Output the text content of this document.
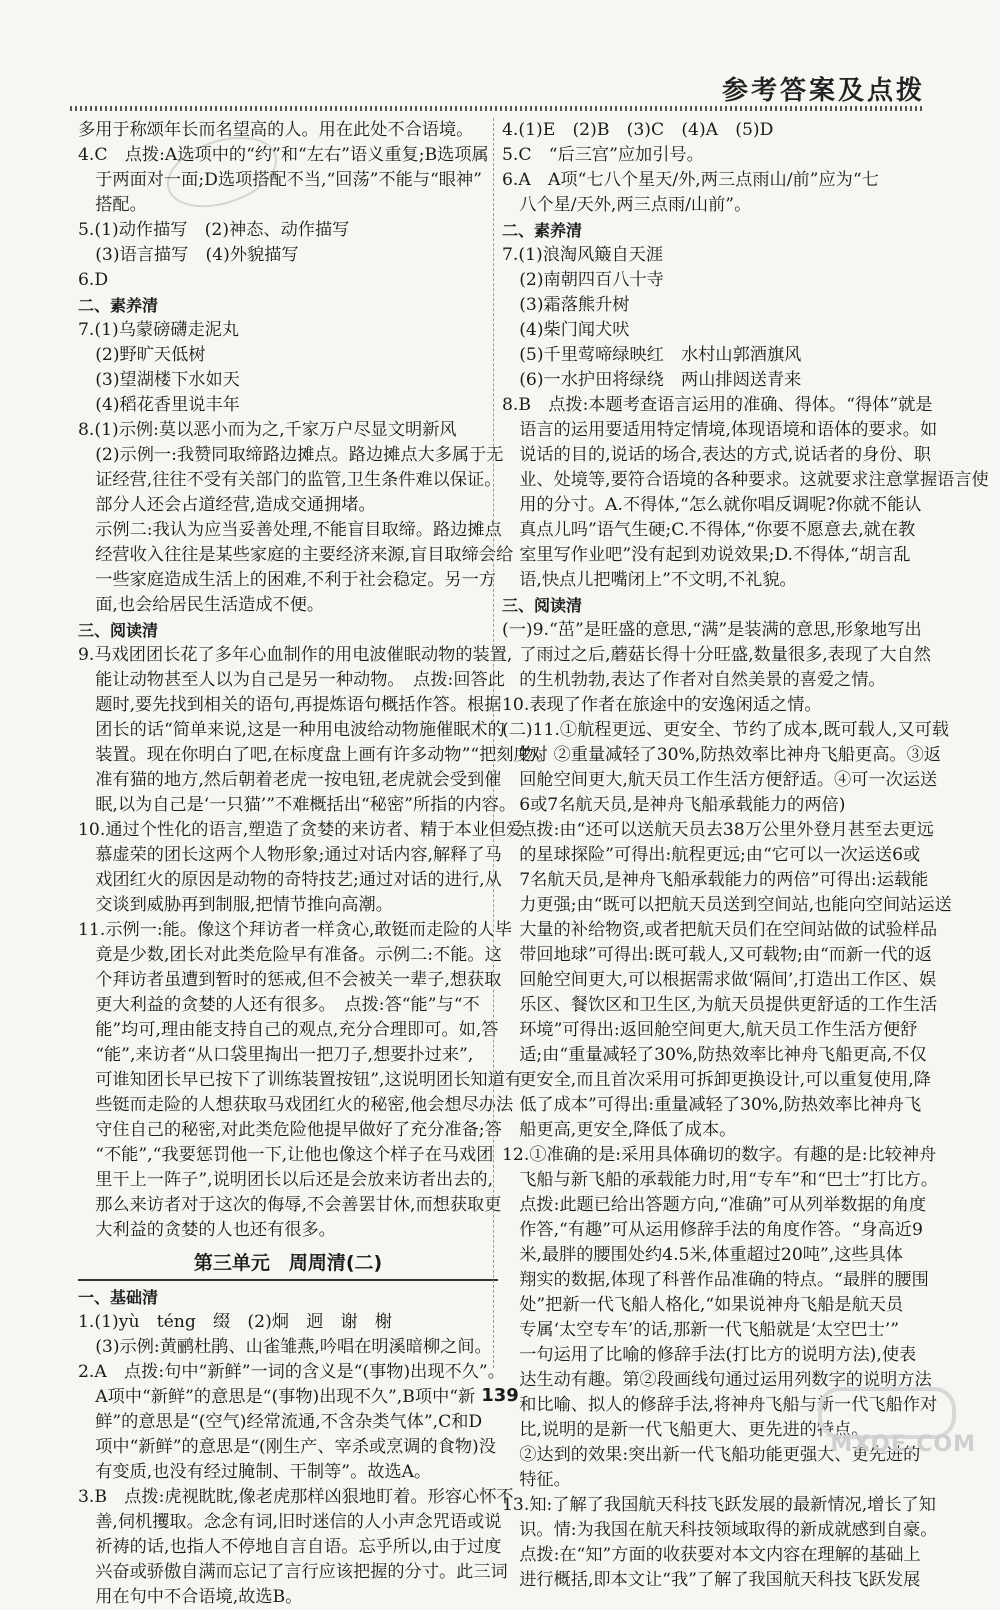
参考答案及点拨
多用于称颂年长而名望高的人。用在此处不合语境。
4.C　点拨:A选项中的“约”和“左右”语义重复;B选项属
　于两面对一面;D选项搭配不当,“回荡”不能与“眼神”
　搭配。
5.(1)动作描写　(2)神态、动作描写
　(3)语言描写　(4)外貌描写
6.D
二、素养清
7.(1)乌蒙磅礴走泥丸
　(2)野旷天低树
　(3)望湖楼下水如天
　(4)稻花香里说丰年
8.(1)示例:莫以恶小而为之,千家万户尽显文明新风
　(2)示例一:我赞同取缔路边摊点。路边摊点大多属于无
　证经营,往往不受有关部门的监管,卫生条件难以保证。
　部分人还会占道经营,造成交通拥堵。
　示例二:我认为应当妥善处理,不能盲目取缔。路边摊点
　经营收入往往是某些家庭的主要经济来源,盲目取缔会给
　一些家庭造成生活上的困难,不利于社会稳定。另一方
　面,也会给居民生活造成不便。
三、阅读清
9.马戏团团长花了多年心血制作的用电波催眠动物的装置,
　能让动物甚至人以为自己是另一种动物。　点拨:回答此
　题时,要先找到相关的语句,再提炼语句概括作答。根据
　团长的话“简单来说,这是一种用电波给动物施催眠术的
　装置。现在你明白了吧,在标度盘上画有许多动物”“把刻度对
　准有猫的地方,然后朝着老虎一按电钮,老虎就会受到催
　眠,以为自己是‘一只猫’”不难概括出“秘密”所指的内容。
10.通过个性化的语言,塑造了贪婪的来访者、精于本业但爱
　慕虚荣的团长这两个人物形象;通过对话内容,解释了马
　戏团红火的原因是动物的奇特技艺;通过对话的进行,从
　交谈到威胁再到制服,把情节推向高潮。
11.示例一:能。像这个拜访者一样贪心,敢铤而走险的人毕
　竟是少数,团长对此类危险早有准备。示例二:不能。这
　个拜访者虽遭到暂时的惩戒,但不会被关一辈子,想获取
　更大利益的贪婪的人还有很多。　点拨:答“能”与“不
　能”均可,理由能支持自己的观点,充分合理即可。如,答
　“能”,来访者“从口袋里掏出一把刀子,想要扑过来”,
　可谁知团长早已按下了训练装置按钮”,这说明团长知道有
　些铤而走险的人想获取马戏团红火的秘密,他会想尽办法
　守住自己的秘密,对此类危险他提早做好了充分准备;答
　“不能”,“我要惩罚他一下,让他也像这个样子在马戏团
　里干上一阵子”,说明团长以后还是会放来访者出去的,
　那么来访者对于这次的侮辱,不会善罢甘休,而想获取更
　大利益的贪婪的人也还有很多。
第三单元　周周清(二)
一、基础清
1.(1)yù　téng　缀　(2)炯　迥　谢　榭
　(3)示例:黄鹂杜鹃、山雀雏燕,吟唱在明溪暗柳之间。
2.A　点拨:句中“新鲜”一词的含义是“(事物)出现不久”。
　A项中“新鲜”的意思是“(事物)出现不久”,B项中“新
　鲜”的意思是“(空气)经常流通,不含杂类气体”,C和D
　项中“新鲜”的意思是“(刚生产、宰杀或烹调的食物)没
　有变质,也没有经过腌制、干制等”。故选A。
3.B　点拨:虎视眈眈,像老虎那样凶狠地盯着。形容心怀不
　善,伺机攫取。念念有词,旧时迷信的人小声念咒语或说
　祈祷的话,也指人不停地自言自语。忘乎所以,由于过度
　兴奋或骄傲自满而忘记了言行应该把握的分寸。此三词
　用在句中不合语境,故选B。
4.(1)E　(2)B　(3)C　(4)A　(5)D
5.C　“后三宫”应加引号。
6.A　A项“七八个星天/外,两三点雨山/前”应为“七
　八个星/天外,两三点雨/山前”。
二、素养清
7.(1)浪淘风簸自天涯
　(2)南朝四百八十寺
　(3)霜落熊升树
　(4)柴门闻犬吠
　(5)千里莺啼绿映红　水村山郭酒旗风
　(6)一水护田将绿绕　两山排闼送青来
8.B　点拨:本题考查语言运用的准确、得体。“得体”就是
　语言的运用要适用特定情境,体现语境和语体的要求。如
　说话的目的,说话的场合,表达的方式,说话者的身份、职
　业、处境等,要符合语境的各种要求。这就要求注意掌握语言使
　用的分寸。A.不得体,“怎么就你唱反调呢?你就不能认
　真点儿吗”语气生硬;C.不得体,“你要不愿意去,就在教
　室里写作业吧”没有起到劝说效果;D.不得体,“胡言乱
　语,快点儿把嘴闭上”不文明,不礼貌。
三、阅读清
(一)9.“茁”是旺盛的意思,“满”是装满的意思,形象地写出
　了雨过之后,蘑菇长得十分旺盛,数量很多,表现了大自然
　的生机勃勃,表达了作者对自然美景的喜爱之情。
10.表现了作者在旅途中的安逸闲适之情。
(二)11.①航程更远、更安全、节约了成本,既可载人,又可载
　物。②重量减轻了30%,防热效率比神舟飞船更高。③返
　回舱空间更大,航天员工作生活方便舒适。④可一次运送
　6或7名航天员,是神舟飞船承载能力的两倍)
　点拨:由“还可以送航天员去38万公里外登月甚至去更远
　的星球探险”可得出:航程更远;由“它可以一次运送6或
　7名航天员,是神舟飞船承载能力的两倍”可得出:运载能
　力更强;由“既可以把航天员送到空间站,也能向空间站运送
　大量的补给物资,或者把航天员们在空间站做的试验样品
　带回地球”可得出:既可载人,又可载物;由“而新一代的返
　回舱空间更大,可以根据需求做‘隔间’,打造出工作区、娱
　乐区、餐饮区和卫生区,为航天员提供更舒适的工作生活
　环境”可得出:返回舱空间更大,航天员工作生活方便舒
　适;由“重量减轻了30%,防热效率比神舟飞船更高,不仅
　更安全,而且首次采用可拆卸更换设计,可以重复使用,降
　低了成本”可得出:重量减轻了30%,防热效率比神舟飞
　船更高,更安全,降低了成本。
12.①准确的是:采用具体确切的数字。有趣的是:比较神舟
　飞船与新飞船的承载能力时,用“专车”和“巴士”打比方。
　点拨:此题已给出答题方向,“准确”可从列举数据的角度
　作答,“有趣”可从运用修辞手法的角度作答。“身高近9
　米,最胖的腰围处约4.5米,体重超过20吨”,这些具体
　翔实的数据,体现了科普作品准确的特点。“最胖的腰围
　处”把新一代飞船人格化,“如果说神舟飞船是航天员
　专属‘太空专车’的话,那新一代飞船就是‘太空巴士’”
　一句运用了比喻的修辞手法(打比方的说明方法),使表
　达生动有趣。第②段画线句通过运用列数字的说明方法
　和比喻、拟人的修辞手法,将神舟飞船与新一代飞船作对
　比,说明的是新一代飞船更大、更先进的特点。
　②达到的效果:突出新一代飞船功能更强大、更先进的
　特征。
13.知:了解了我国航天科技飞跃发展的最新情况,增长了知
　识。情:为我国在航天科技领域取得的新成就感到自豪。
　点拨:在“知”方面的收获要对本文内容在理解的基础上
　进行概括,即本文让“我”了解了我国航天科技飞跃发展
139
MXQE.COM
